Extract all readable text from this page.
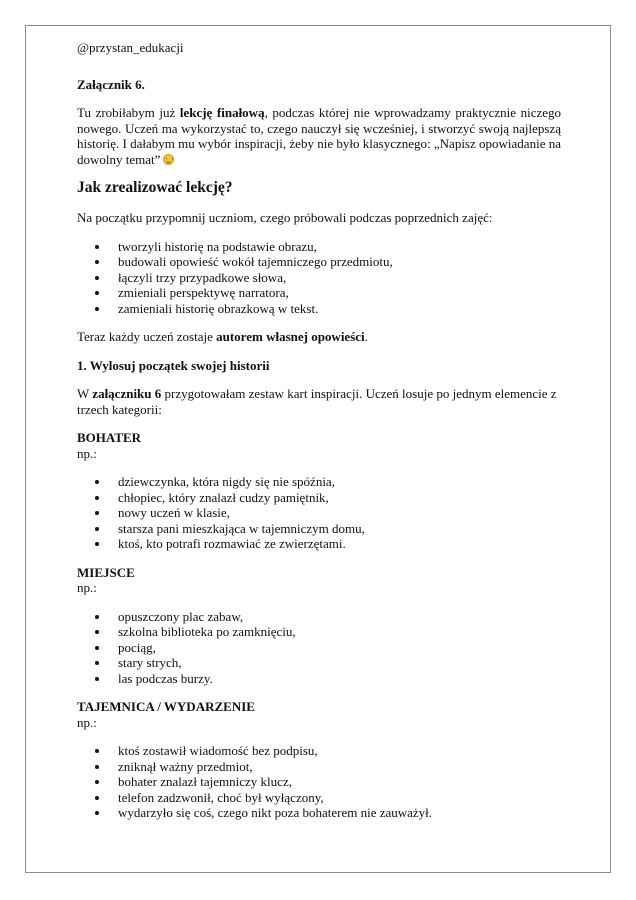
@przystan_edukacji

Załącznik 6.

Tu zrobiłabym już lekcję finałową, podczas której nie wprowadzamy praktycznie niczego nowego. Uczeń ma wykorzystać to, czego nauczył się wcześniej, i stworzyć swoją najlepszą historię. I dałabym mu wybór inspiracji, żeby nie było klasycznego: „Napisz opowiadanie na dowolny temat”

Jak zrealizować lekcję?

Na początku przypomnij uczniom, czego próbowali podczas poprzednich zajęć:

tworzyli historię na podstawie obrazu,
budowali opowieść wokół tajemniczego przedmiotu,
łączyli trzy przypadkowe słowa,
zmieniali perspektywę narratora,
zamieniali historię obrazkową w tekst.

Teraz każdy uczeń zostaje autorem własnej opowieści.

1. Wylosuj początek swojej historii

W załączniku 6 przygotowałam zestaw kart inspiracji. Uczeń losuje po jednym elemencie z trzech kategorii:

BOHATER

np.:

dziewczynka, która nigdy się nie spóźnia,
chłopiec, który znalazł cudzy pamiętnik,
nowy uczeń w klasie,
starsza pani mieszkająca w tajemniczym domu,
ktoś, kto potrafi rozmawiać ze zwierzętami.

MIEJSCE

np.:

opuszczony plac zabaw,
szkolna biblioteka po zamknięciu,
pociąg,
stary strych,
las podczas burzy.

TAJEMNICA / WYDARZENIE

np.:

ktoś zostawił wiadomość bez podpisu,
zniknął ważny przedmiot,
bohater znalazł tajemniczy klucz,
telefon zadzwonił, choć był wyłączony,
wydarzyło się coś, czego nikt poza bohaterem nie zauważył.
